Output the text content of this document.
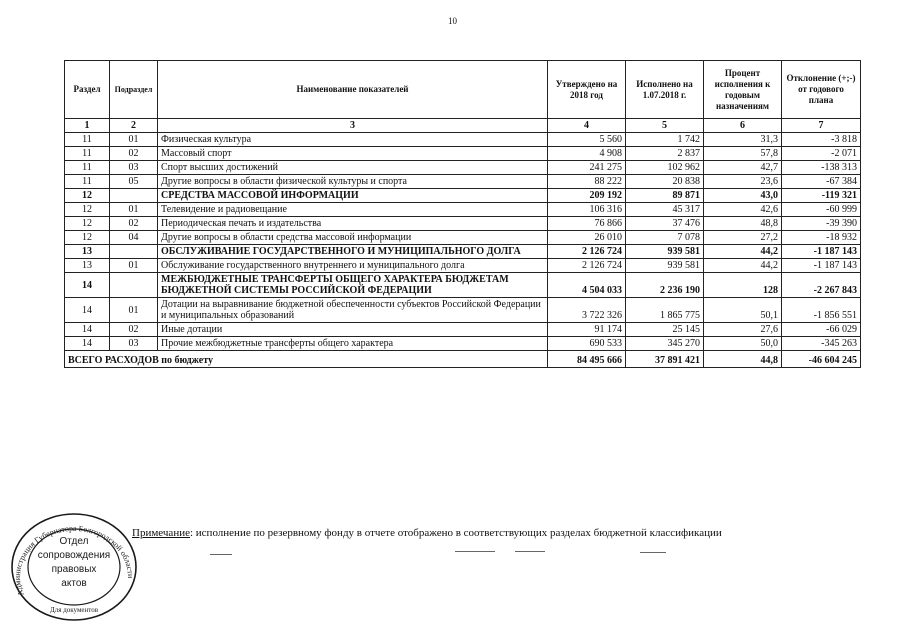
10
Раздел	Подраздел	Наименование показателей	Утверждено на 2018 год	Исполнено на 1.07.2018 г.	Процент исполнения к годовым назначениям	Отклонение (+;-) от годового плана
1	2	3	4	5	6	7
11	01	Физическая культура	5 560	1 742	31,3	-3 818
11	02	Массовый спорт	4 908	2 837	57,8	-2 071
11	03	Спорт высших достижений	241 275	102 962	42,7	-138 313
11	05	Другие вопросы в области физической культуры и спорта	88 222	20 838	23,6	-67 384
12		СРЕДСТВА МАССОВОЙ ИНФОРМАЦИИ	209 192	89 871	43,0	-119 321
12	01	Телевидение и радиовещание	106 316	45 317	42,6	-60 999
12	02	Периодическая печать и издательства	76 866	37 476	48,8	-39 390
12	04	Другие вопросы в области средства массовой информации	26 010	7 078	27,2	-18 932
13		ОБСЛУЖИВАНИЕ ГОСУДАРСТВЕННОГО И МУНИЦИПАЛЬНОГО ДОЛГА	2 126 724	939 581	44,2	-1 187 143
13	01	Обслуживание государственного внутреннего и муниципального долга	2 126 724	939 581	44,2	-1 187 143
14		МЕЖБЮДЖЕТНЫЕ ТРАНСФЕРТЫ ОБЩЕГО ХАРАКТЕРА БЮДЖЕТАМ БЮДЖЕТНОЙ СИСТЕМЫ РОССИЙСКОЙ ФЕДЕРАЦИИ	4 504 033	2 236 190	128	-2 267 843
14	01	Дотации на выравнивание бюджетной обеспеченности субъектов Российской Федерации и муниципальных образований	3 722 326	1 865 775	50,1	-1 856 551
14	02	Иные дотации	91 174	25 145	27,6	-66 029
14	03	Прочие межбюджетные трансферты общего характера	690 533	345 270	50,0	-345 263
ВСЕГО РАСХОДОВ по бюджету			84 495 666	37 891 421	44,8	-46 604 245
Примечание: исполнение по резервному фонду в отчете отображено в соответствующих разделах бюджетной классификации
Администрация Губернатора Белгородской области
Отдел
сопровождения
правовых
актов
Для документов
